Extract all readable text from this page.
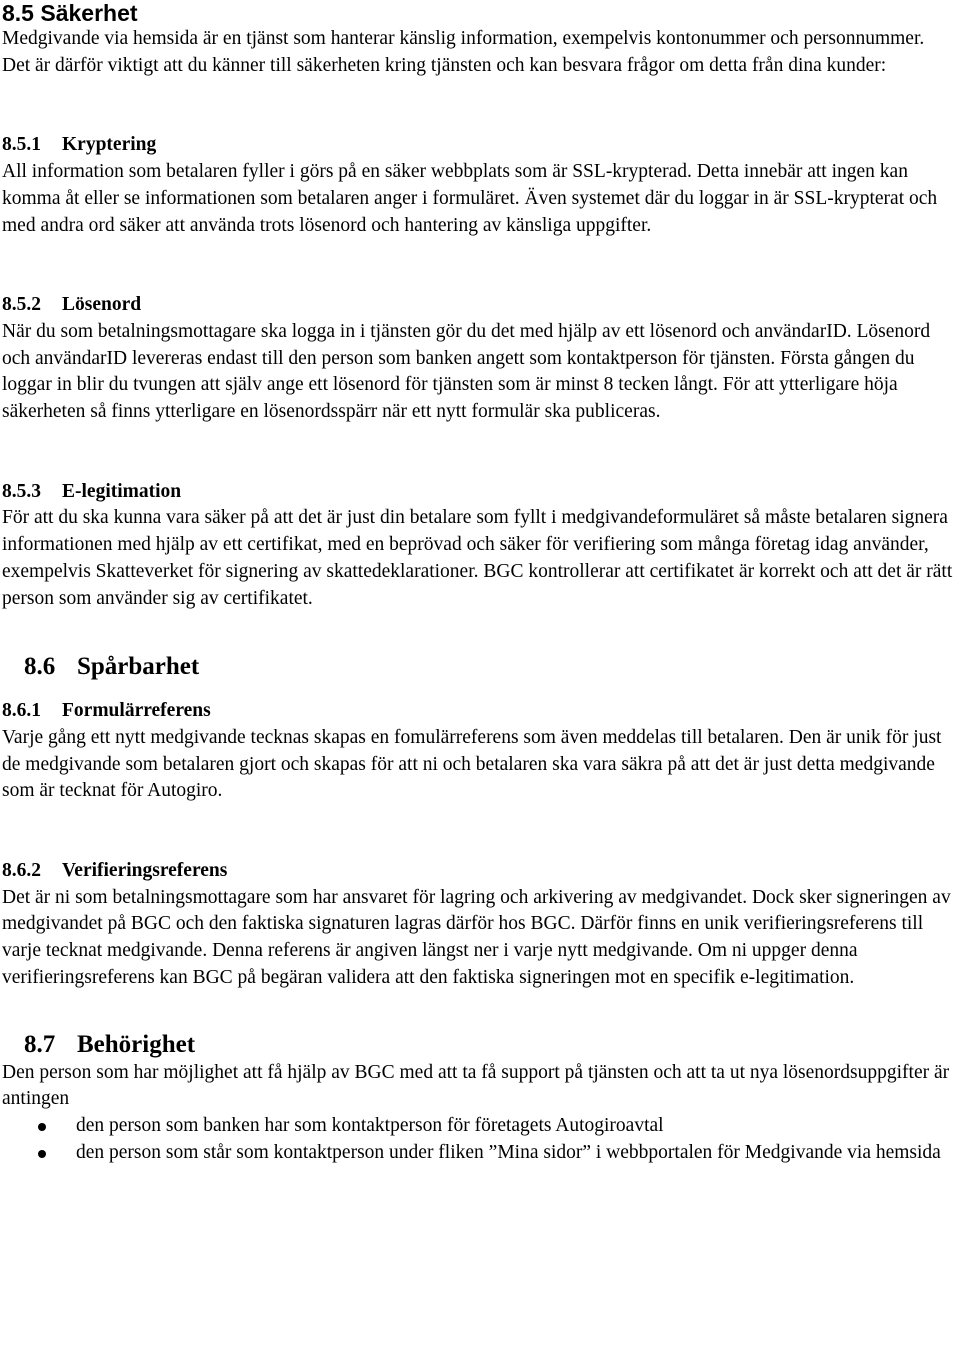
8.5 Säkerhet

Medgivande via hemsida är en tjänst som hanterar känslig information, exempelvis kontonummer och personnummer. Det är därför viktigt att du känner till säkerheten kring tjänsten och kan besvara frågor om detta från dina kunder:

8.5.1 Kryptering

All information som betalaren fyller i görs på en säker webbplats som är SSL-krypterad. Detta innebär att ingen kan komma åt eller se informationen som betalaren anger i formuläret. Även systemet där du loggar in är SSL-krypterat och med andra ord säker att använda trots lösenord och hantering av känsliga uppgifter.

8.5.2 Lösenord

När du som betalningsmottagare ska logga in i tjänsten gör du det med hjälp av ett lösenord och användarID. Lösenord och användarID levereras endast till den person som banken angett som kontaktperson för tjänsten. Första gången du loggar in blir du tvungen att själv ange ett lösenord för tjänsten som är minst 8 tecken långt. För att ytterligare höja säkerheten så finns ytterligare en lösenordsspärr när ett nytt formulär ska publiceras.

8.5.3 E-legitimation

För att du ska kunna vara säker på att det är just din betalare som fyllt i medgivandeformuläret så måste betalaren signera informationen med hjälp av ett certifikat, med en beprövad och säker för verifiering som många företag idag använder, exempelvis Skatteverket för signering av skattedeklarationer. BGC kontrollerar att certifikatet är korrekt och att det är rätt person som använder sig av certifikatet.

8.6 Spårbarhet
8.6.1 Formulärreferens

Varje gång ett nytt medgivande tecknas skapas en fomulärreferens som även meddelas till betalaren. Den är unik för just de medgivande som betalaren gjort och skapas för att ni och betalaren ska vara säkra på att det är just detta medgivande som är tecknat för Autogiro.

8.6.2 Verifieringsreferens

Det är ni som betalningsmottagare som har ansvaret för lagring och arkivering av medgivandet. Dock sker signeringen av medgivandet på BGC och den faktiska signaturen lagras därför hos BGC. Därför finns en unik verifieringsreferens till varje tecknat medgivande. Denna referens är angiven längst ner i varje nytt medgivande. Om ni uppger denna verifieringsreferens kan BGC på begäran validera att den faktiska signeringen mot en specifik e-legitimation.

8.7 Behörighet

Den person som har möjlighet att få hjälp av BGC med att ta få support på tjänsten och att ta ut nya lösenordsuppgifter är antingen

den person som banken har som kontaktperson för företagets Autogiroavtal
den person som står som kontaktperson under fliken ”Mina sidor” i webbportalen för Medgivande via hemsida
